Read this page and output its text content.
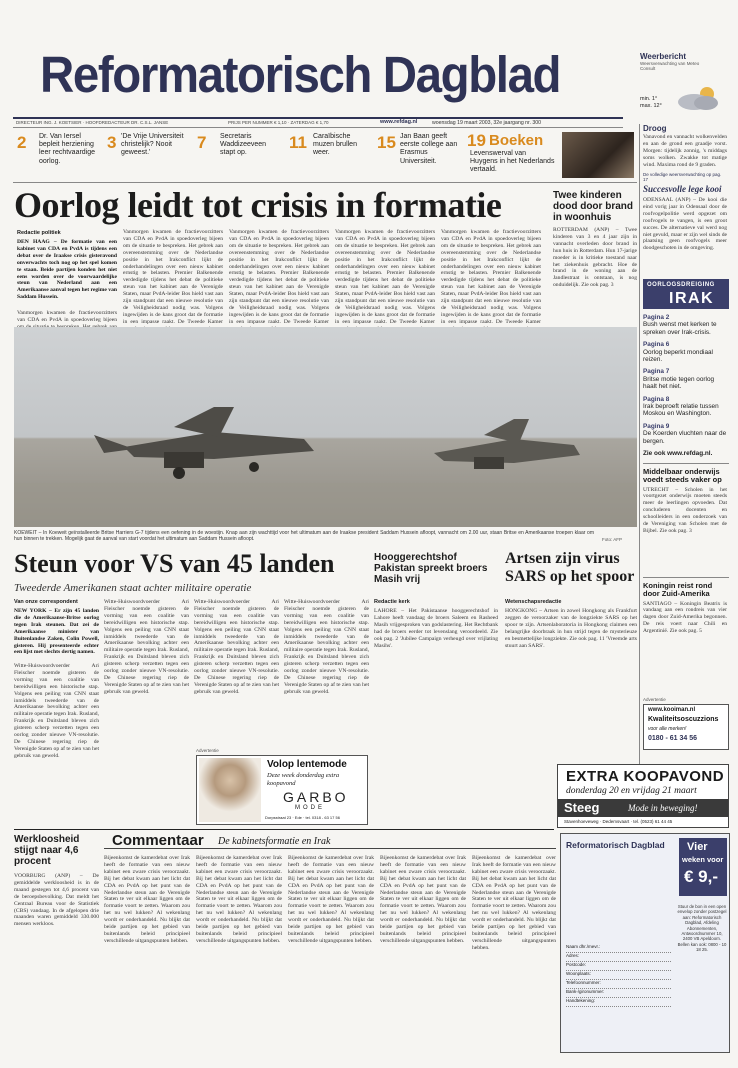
Reformatorisch Dagblad	Weerbericht
Weersverwachting van Meteo Consult
min. 1°
max. 12°
DIRECTEUR ING. J. KOETSIER · HOOFDREDACTEUR DR. C.S.L. JANSE	PRIJS PER NUMMER € 1,10 · ZATERDAG € 1,70	www.refdag.nl	woensdag 19 maart 2003, 32e jaargang nr. 300
Droog
Vanavond en vannacht wolkenvelden en aan de grond een graadje vorst. Morgen: tijdelijk zonnig, 's middags soms wolken. Zwakke tot matige wind. Maxima rond de 9 graden.
De volledige weersverwachting op pag. 17
2 Dr. Van Iersel bepleit herziening leer rechtvaardige oorlog.
3 'De Vrije Universiteit christelijk? Nooit geweest.'
7 Secretaris Waddizeeveen stapt op.
11 Caraïbische muzen brullen weer.
15 Jan Baan geeft eerste college aan Erasmus Universiteit.
19 Boeken
Levenswerval van Huygens in het Nederlands vertaald.
Oorlog leidt tot crisis in formatie
Redactie politiek
DEN HAAG – De formatie van een kabinet van CDA en PvdA is tijdens een debat over de Iraakse crisis gisteravond onverwachts toch nog op het spel komen te staan. Beide partijen konden het niet eens worden over de voorwaardelijke steun van Nederland aan een Amerikaanse aanval tegen het regime van Saddam Hussein.
Vanmorgen kwamen de fractievoorzitters van CDA en PvdA in spoedoverleg bijeen
Vanmorgen kwamen de fractievoorzitters van CDA en PvdA in spoedoverleg bijeen om de situatie te bespreken. Het gebrek aan overeenstemming over de Nederlandse positie in het Irakconflict lijkt de onderhandelingen over een nieuw kabinet ernstig te belasten. Premier Balkenende verdedigde tijdens het debat de politieke steun van het kabinet aan de Verenigde Staten, maar PvdA-leider Bos hield vast aan zijn standpunt dat een nieuwe resolutie van de Veiligheidsraad nodig was. Volgens ingewijden is de kans groot dat de formatie in een impasse raakt. De Tweede Kamer
Vanmorgen kwamen de fractievoorzitters van CDA en PvdA in spoedoverleg bijeen om de situatie te bespreken. Het gebrek aan overeenstemming over de Nederlandse positie in het Irakconflict lijkt de onderhandelingen over een nieuw kabinet ernstig te belasten. Premier Balkenende verdedigde tijdens het debat de politieke steun van het kabinet aan de Verenigde Staten, maar PvdA-leider Bos hield vast aan zijn standpunt dat een nieuwe resolutie van de Veiligheidsraad nodig was. Volgens ingewijden is de kans groot dat de formatie in een impasse raakt. De Tweede Kamer
Vanmorgen kwamen de fractievoorzitters van CDA en PvdA in spoedoverleg bijeen om de situatie te bespreken. Het gebrek aan overeenstemming over de Nederlandse positie in het Irakconflict lijkt de onderhandelingen over een nieuw kabinet ernstig te belasten. Premier Balkenende verdedigde tijdens het debat de politieke steun van het kabinet aan de Verenigde Staten, maar PvdA-leider Bos hield vast aan zijn standpunt dat een nieuwe resolutie van de Veiligheidsraad nodig was. Volgens ingewijden is de kans groot dat de formatie in een impasse raakt. De Tweede Kamer
Vanmorgen kwamen de fractievoorzitters van CDA en PvdA in spoedoverleg bijeen om de situatie te bespreken. Het gebrek aan overeenstemming over de Nederlandse positie in het Irakconflict lijkt de onderhandelingen over een nieuw kabinet ernstig te belasten. Premier Balkenende verdedigde tijdens het debat de politieke steun van het kabinet aan de Verenigde Staten, maar PvdA-leider Bos hield vast aan zijn standpunt dat een nieuwe resolutie van de Veiligheidsraad nodig was. Volgens ingewijden is de kans groot dat de formatie in een impasse raakt. De Tweede Kamer
Twee kinderen dood door brand in woonhuis
ROTTERDAM (ANP) – Twee kinderen van 3 en 4 jaar zijn in vannacht overleden door brand in hun huis in Rotterdam. Hun 17-jarige moeder is in kritieke toestand naar het ziekenhuis gebracht. Hoe de brand in de woning aan de Jandlestraat is ontstaan, is nog onduidelijk. Zie ook pag. 3
Succesvolle lege kooi
ODENSAAL (ANP) – De kooi die eind vorig jaar in Odensaal door de roofvogelpolitie werd opgezet om roofvogels te vangen, is een groot succes. De alternatieve val werd nog niet gevuld, maar er zijn wel sinds de plaatsing geen roofvogels meer doodgeschoten in de omgeving.
OORLOGSDREIGING
IRAK
Pagina 2
Bush wenst met kerken te spreken over Irak-crisis.
Pagina 6
Oorlog beperkt mondiaal reizen.
Pagina 7
Britse motie tegen oorlog haalt het niet.
Pagina 8
Irak beproeft relatie tussen Moskou en Washington.
Pagina 9
De Koerden vluchten naar de bergen.
Zie ook www.refdag.nl.
Middelbaar onderwijs voedt steeds vaker op
UTRECHT – Scholen in het voortgezet onderwijs moeten steeds meer de leerlingen opvoeden. Dat concluderen docenten en schoolleiders in een onderzoek van de Vereniging van Scholen met de Bijbel. Zie ook pag. 3
Koningin reist rond door Zuid-Amerika
SANTIAGO – Koningin Beatrix is vandaag aan een rondreis van vier dagen door Zuid-Amerika begonnen. De reis voert naar Chili en Argentinië. Zie ook pag. 5
KOEWEIT – In Koeweit geïnstalleerde Britse Harriers G-7 tijdens een oefening in de woestijn. Knap aan zijn wachttijd voor het ultimatum aan de Iraakse president Saddam Hussein afloopt, vannacht om 2.00 uur, staan Britse en Amerikaanse troepen klaar om hun binnen te trekken. Mogelijk gaat de aanval van start voordat het ultimatum aan Saddam Hussein afloopt.	Foto: AFP
Steun voor VS van 45 landen
Tweederde Amerikanen staat achter militaire operatie
Van onze correspondent
NEW YORK – Er zijn 45 landen die de Amerikaanse-Britse oorlog tegen Irak steunen. Dat zei de Amerikaanse minister van Buitenlandse Zaken, Colin Powell, gisteren. Hij presenteerde echter een lijst met slechts dertig namen.
Witte-Huiswoordvoerder Ari Fleischer noemde gisteren de vorming van een coalitie van bereidwilligen een historische stap. Volgens een peiling van CNN staat inmiddels tweederde van de Amerikaanse bevolking achter een militaire operatie tegen Irak. Rusland, Frankrijk en Duitsland bleven zich gisteren scherp verzetten tegen een oorlog zonder nieuwe VN-resolutie. De Chinese regering riep de Verenigde Staten op af te zien van het gebruik van geweld.
Witte-Huiswoordvoerder Ari Fleischer noemde gisteren de vorming van een coalitie van bereidwilligen een historische stap. Volgens een peiling van CNN staat inmiddels tweederde van de Amerikaanse bevolking achter een militaire operatie tegen Irak. Rusland, Frankrijk en Duitsland bleven zich gisteren scherp verzetten tegen een oorlog zonder nieuwe VN-resolutie. De Chinese regering riep de Verenigde Staten op af te zien van het gebruik van geweld.
Witte-Huiswoordvoerder Ari Fleischer noemde gisteren de vorming van een coalitie van bereidwilligen een historische stap. Volgens een peiling van CNN staat inmiddels tweederde van de Amerikaanse bevolking achter een militaire operatie tegen Irak. Rusland, Frankrijk en Duitsland bleven zich gisteren scherp verzetten tegen een oorlog zonder nieuwe VN-resolutie. De Chinese regering riep de Verenigde Staten op af te zien van het gebruik van geweld.
Witte-Huiswoordvoerder Ari Fleischer noemde gisteren de vorming van een coalitie van bereidwilligen een historische stap. Volgens een peiling van CNN staat inmiddels tweederde van de Amerikaanse bevolking achter een militaire operatie tegen Irak. Rusland, Frankrijk en Duitsland bleven zich gisteren scherp verzetten tegen een oorlog zonder nieuwe VN-resolutie. De Chinese regering riep de Verenigde Staten op af te zien van het gebruik van geweld.
Advertentie
Volop lentemode
Deze week donderdag extra koopavond
GARBO
MODE
Dorpsstraat 23 · Ede · tel. 0318 - 63 17 56
Hooggerechtshof Pakistan spreekt broers Masih vrij
Redactie kerk
LAHORE – Het Pakistaanse hooggerechtshof in Lahore heeft vandaag de broers Saleem en Rasheed Masih vrijgesproken van godslastering. Het Rechtbank had de broers eerder tot levenslang veroordeeld. Zie ook pag. 2 'Jubilee Campaign verheugd over vrijlating Masihs'.
Artsen zijn virus SARS op het spoor
Wetenschapsredactie
HONGKONG – Artsen in zowel Hongkong als Frankfurt zeggen de veroorzaker van de longziekte SARS op het spoor te zijn. Artsenlaboratoria in Hongkong claimen een belangrijke doorbraak in hun strijd tegen de mysterieuze en besmettelijke longziekte. Zie ook pag. 11 'Vreemde arts stuurt aan SARS'.
Advertentie
www.kooiman.nl
Kwaliteitsoscuzzions
voor alle merken!
0180 - 61 34 56
EXTRA KOOPAVOND
donderdag 20 en vrijdag 21 maart
Steeg	Mode in beweging!
Stavenhoeveweg · Dedemsvaart · tel. (0523) 61 44 45
Werkloosheid stijgt naar 4,6 procent
VOORBURG (ANP) – De gemiddelde werkloosheid is in de maand gestegen tot 4,6 procent van de beroepsbevolking. Dat meldt het Centraal Bureau voor de Statistiek (CBS) vandaag. In de afgelopen drie maanden waren gemiddeld 330.000 mensen werkloos.
Commentaar De kabinetsformatie en Irak
Bijeenkomst de kamerdebat over Irak heeft de formatie van een nieuw kabinet een zware crisis veroorzaakt. Bij het debat kwam aan het licht dat CDA en PvdA op het punt van de Nederlandse steun aan de Verenigde Staten te ver uit elkaar liggen om de formatie voort te zetten. Waarom zou het nu wel lukken? Al wekenlang wordt er onderhandeld. Nu blijkt dat beide partijen op het gebied van buitenlands beleid principieel verschillende uitgangspunten hebben.
Bijeenkomst de kamerdebat over Irak heeft de formatie van een nieuw kabinet een zware crisis veroorzaakt. Bij het debat kwam aan het licht dat CDA en PvdA op het punt van de Nederlandse steun aan de Verenigde Staten te ver uit elkaar liggen om de formatie voort te zetten. Waarom zou het nu wel lukken? Al wekenlang wordt er onderhandeld. Nu blijkt dat beide partijen op het gebied van buitenlands beleid principieel verschillende uitgangspunten hebben.
Bijeenkomst de kamerdebat over Irak heeft de formatie van een nieuw kabinet een zware crisis veroorzaakt. Bij het debat kwam aan het licht dat CDA en PvdA op het punt van de Nederlandse steun aan de Verenigde Staten te ver uit elkaar liggen om de formatie voort te zetten. Waarom zou het nu wel lukken? Al wekenlang wordt er onderhandeld. Nu blijkt dat beide partijen op het gebied van buitenlands beleid principieel verschillende uitgangspunten hebben.
Bijeenkomst de kamerdebat over Irak heeft de formatie van een nieuw kabinet een zware crisis veroorzaakt. Bij het debat kwam aan het licht dat CDA en PvdA op het punt van de Nederlandse steun aan de Verenigde Staten te ver uit elkaar liggen om de formatie voort te zetten. Waarom zou het nu wel lukken? Al wekenlang wordt er onderhandeld. Nu blijkt dat beide partijen op het gebied van buitenlands beleid principieel verschillende uitgangspunten hebben.
Bijeenkomst de kamerdebat over Irak heeft de formatie van een nieuw kabinet een zware crisis veroorzaakt. Bij het debat kwam aan het licht dat CDA en PvdA op het punt van de Nederlandse steun aan de Verenigde Staten te ver uit elkaar liggen om de formatie voort te zetten. Waarom zou het nu wel lukken? Al wekenlang wordt er onderhandeld. Nu blijkt dat beide partijen op het gebied van buitenlands beleid principieel verschillende uitgangspunten hebben.
Reformatorisch Dagblad Vier
weken voor
€ 9,-
Naam dhr./mevr.:
Adres:
Postcode:
Woonplaats:
Telefoonnummer:
Bank-/gironummer:
Handtekening:
Stuur de bon in een open envelop zonder postzegel aan: Reformatorisch Dagblad, Afdeling Abonnementen, Antwoordnummer 10, 2400 VB Apeldoorn. Bellen kan ook: 0800 - 10 18 25.
